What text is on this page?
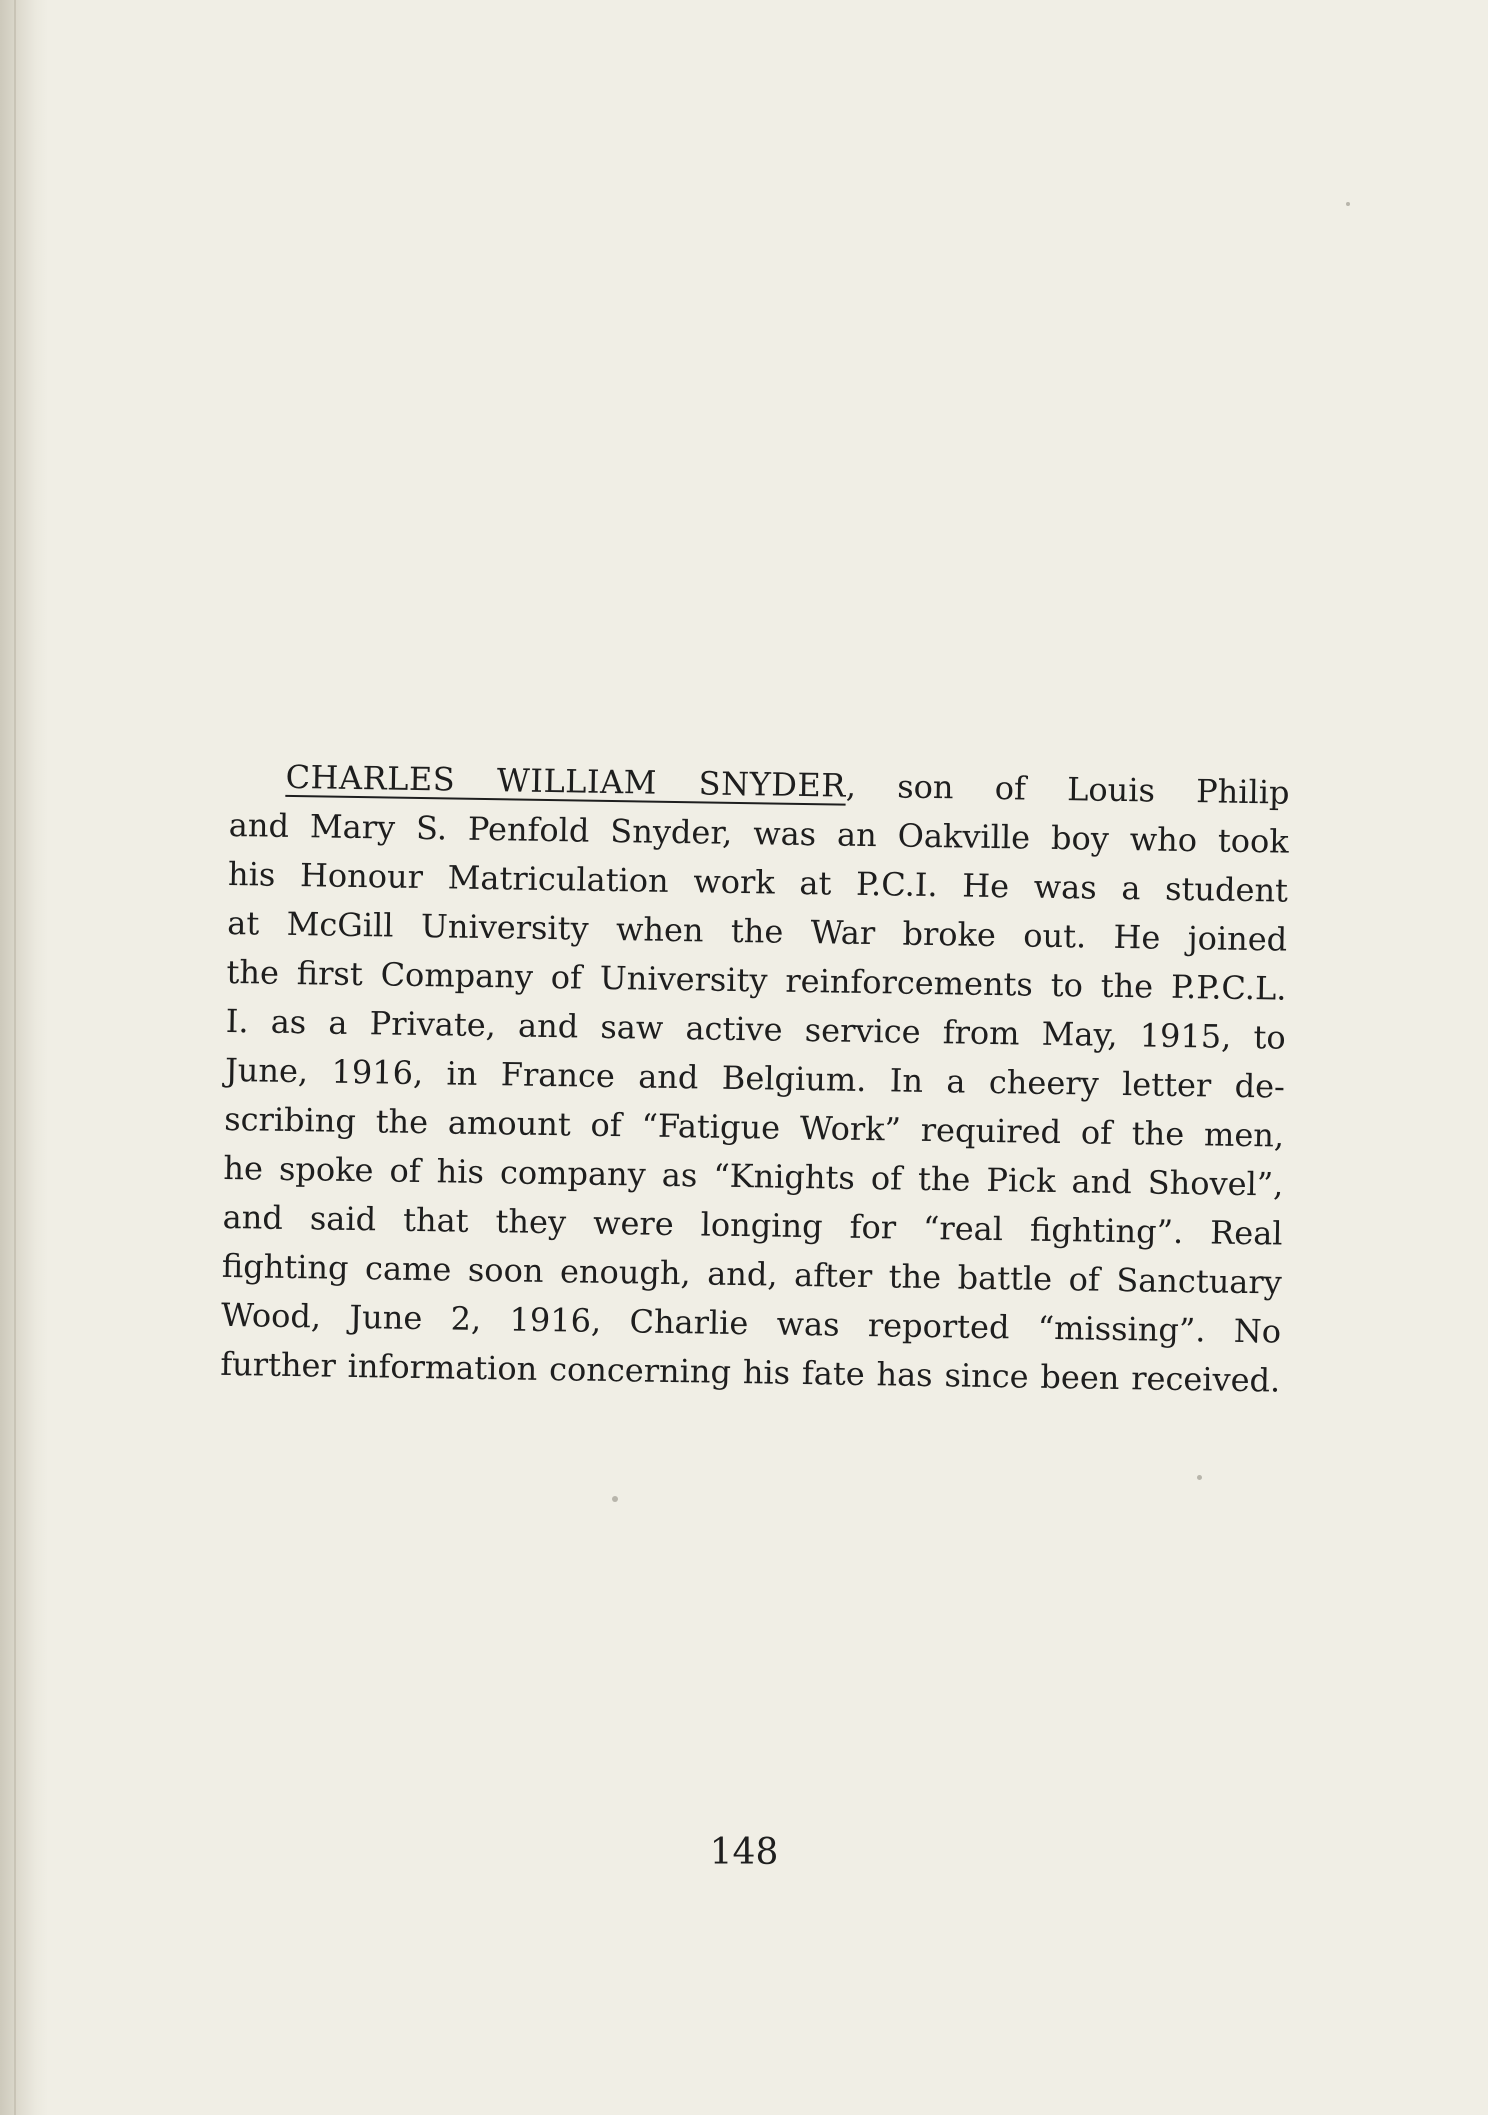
CHARLES WILLIAM SNYDER, son of Louis Philip
and Mary S. Penfold Snyder, was an Oakville boy who took
his Honour Matriculation work at P.C.I. He was a student
at McGill University when the War broke out. He joined
the first Company of University reinforcements to the P.P.C.L.
I. as a Private, and saw active service from May, 1915, to
June, 1916, in France and Belgium. In a cheery letter de-
scribing the amount of “Fatigue Work” required of the men,
he spoke of his company as “Knights of the Pick and Shovel”,
and said that they were longing for “real fighting”. Real
fighting came soon enough, and, after the battle of Sanctuary
Wood, June 2, 1916, Charlie was reported “missing”. No
further information concerning his fate has since been received.
148
